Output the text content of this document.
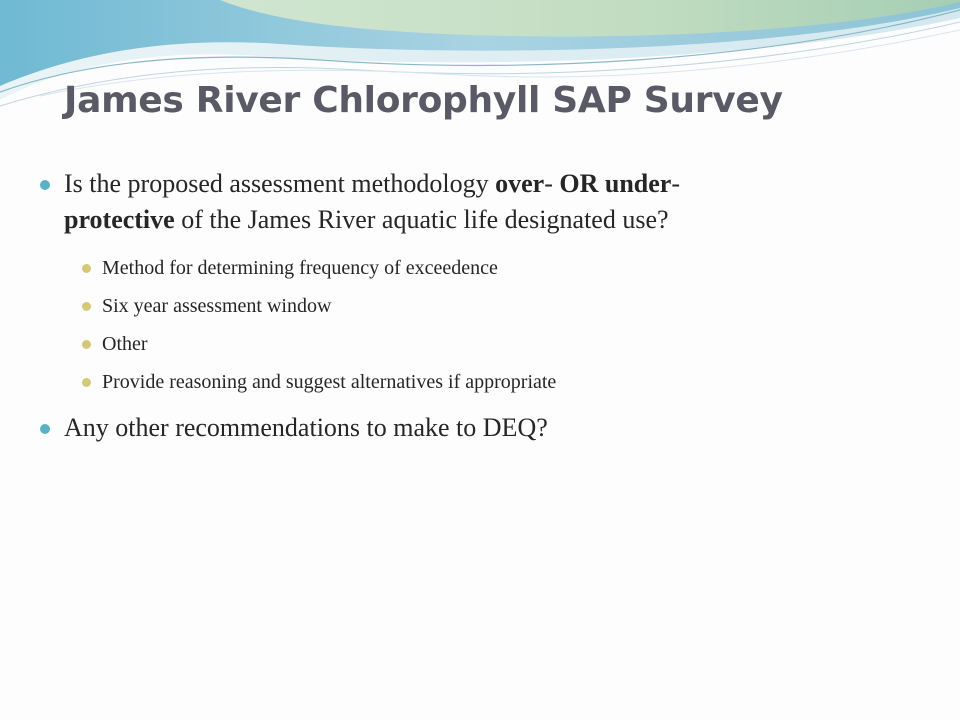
James River Chlorophyll SAP Survey
Is the proposed assessment methodology over- OR under-
protective of the James River aquatic life designated use?
Method for determining frequency of exceedence
Six year assessment window
Other
Provide reasoning and suggest alternatives if appropriate
Any other recommendations to make to DEQ?
